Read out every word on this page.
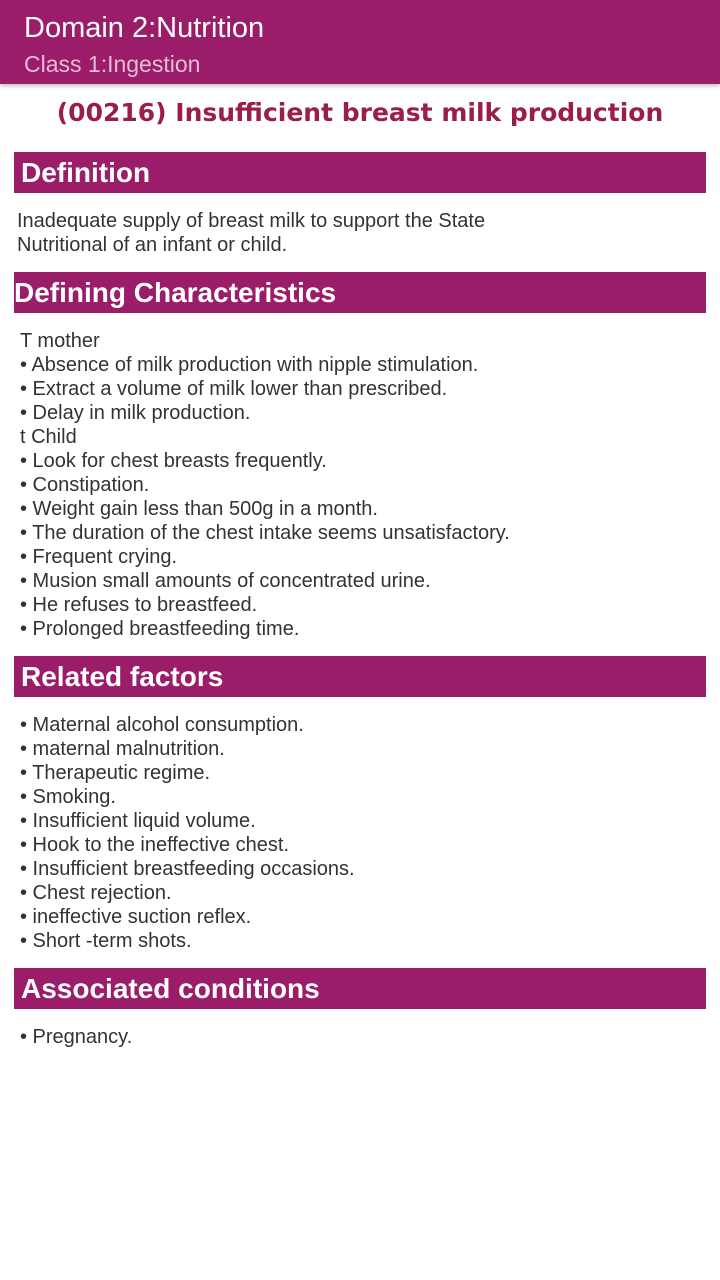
Domain 2:Nutrition
Class 1:Ingestion
(00216) Insufficient breast milk production
Definition
Inadequate supply of breast milk to support the State
Nutritional of an infant or child.
Defining Characteristics
T mother
• Absence of milk production with nipple stimulation.
• Extract a volume of milk lower than prescribed.
• Delay in milk production.
t Child
• Look for chest breasts frequently.
• Constipation.
• Weight gain less than 500g in a month.
• The duration of the chest intake seems unsatisfactory.
• Frequent crying.
• Musion small amounts of concentrated urine.
• He refuses to breastfeed.
• Prolonged breastfeeding time.
Related factors
• Maternal alcohol consumption.
• maternal malnutrition.
• Therapeutic regime.
• Smoking.
• Insufficient liquid volume.
• Hook to the ineffective chest.
• Insufficient breastfeeding occasions.
• Chest rejection.
• ineffective suction reflex.
• Short -term shots.
Associated conditions
• Pregnancy.
